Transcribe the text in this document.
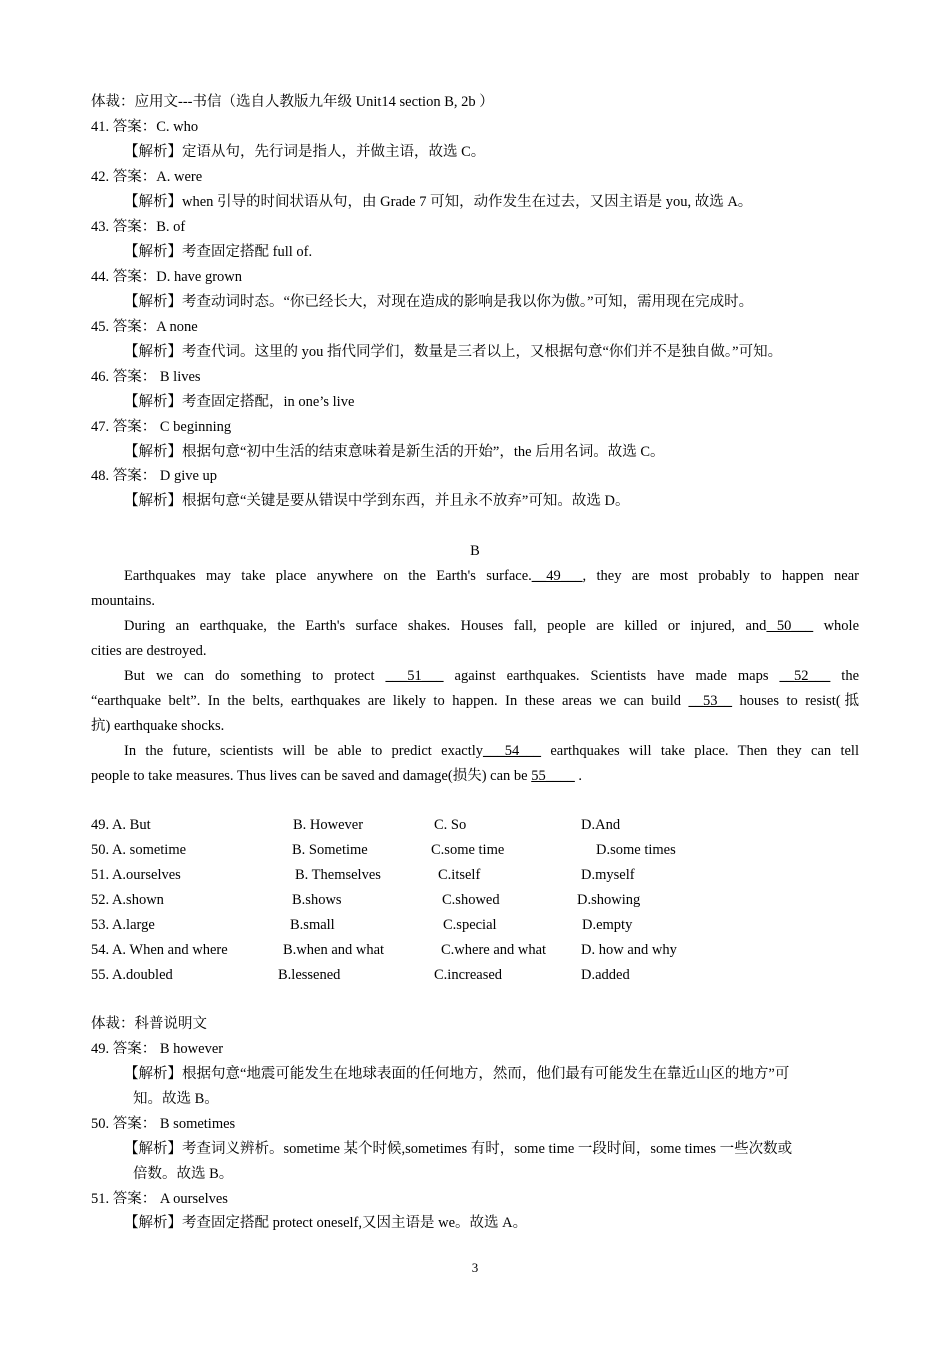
体裁：应用文---书信（选自人教版九年级 Unit14 section B, 2b ）
41. 答案：C. who
【解析】定语从句，先行词是指人，并做主语，故选 C。
42. 答案：A. were
【解析】when 引导的时间状语从句，由 Grade 7 可知，动作发生在过去，又因主语是 you, 故选 A。
43. 答案：B. of
【解析】考查固定搭配 full of.
44. 答案：D. have grown
【解析】考查动词时态。“你已经长大，对现在造成的影响是我以你为傲。”可知，需用现在完成时。
45. 答案：A none
【解析】考查代词。这里的 you 指代同学们，数量是三者以上，又根据句意“你们并不是独自做。”可知。
46. 答案： B lives
【解析】考查固定搭配，in one’s live
47. 答案： C beginning
【解析】根据句意“初中生活的结束意味着是新生活的开始”，the 后用名词。故选 C。
48. 答案： D give up
【解析】根据句意“关键是要从错误中学到东西，并且永不放弃”可知。故选 D。
B
Earthquakes may take place anywhere on the Earth's surface.__49___, they are most probably to happen near
mountains.
During an earthquake, the Earth's surface shakes. Houses fall, people are killed or injured, and 50___ whole
cities are destroyed.
But we can do something to protect ___51___ against earthquakes. Scientists have made maps __52___ the
“earthquake belt”. In the belts, earthquakes are likely to happen. In these areas we can build __53__ houses to resist(抵
抗) earthquake shocks.
In the future, scientists will be able to predict exactly___54___ earthquakes will take place. Then they can tell
people to take measures. Thus lives can be saved and damage(损失) can be 55____ .
49. A. But	B. However	C. So	D.And
50. A. sometime	B. Sometime	C.some time	D.some times
51. A.ourselves	B. Themselves	C.itself	D.myself
52. A.shown	B.shows	C.showed	D.showing
53. A.large	B.small	C.special	D.empty
54. A. When and where	B.when and what	C.where and what D. how and why
55. A.doubled	B.lessened	C.increased	D.added
体裁：科普说明文
49. 答案： B however
【解析】根据句意“地震可能发生在地球表面的任何地方，然而，他们最有可能发生在靠近山区的地方”可
知。故选 B。
50. 答案： B sometimes
【解析】考查词义辨析。sometime 某个时候,sometimes 有时，some time 一段时间，some times 一些次数或
倍数。故选 B。
51. 答案： A ourselves
【解析】考查固定搭配 protect oneself,又因主语是 we。故选 A。
3
